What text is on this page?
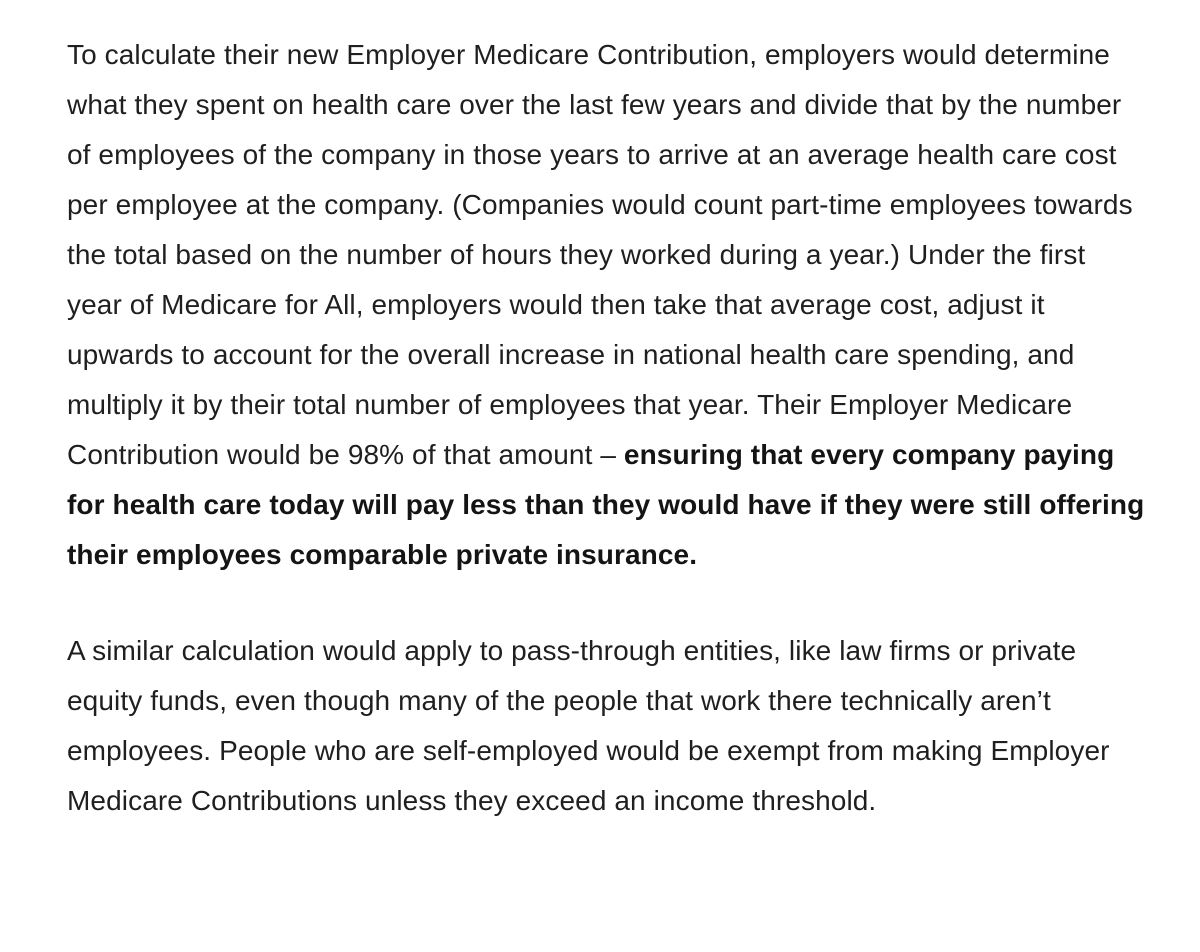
To calculate their new Employer Medicare Contribution, employers would determine what they spent on health care over the last few years and divide that by the number of employees of the company in those years to arrive at an average health care cost per employee at the company. (Companies would count part-time employees towards the total based on the number of hours they worked during a year.) Under the first year of Medicare for All, employers would then take that average cost, adjust it upwards to account for the overall increase in national health care spending, and multiply it by their total number of employees that year. Their Employer Medicare Contribution would be 98% of that amount – ensuring that every company paying for health care today will pay less than they would have if they were still offering their employees comparable private insurance.

A similar calculation would apply to pass-through entities, like law firms or private equity funds, even though many of the people that work there technically aren’t employees. People who are self-employed would be exempt from making Employer Medicare Contributions unless they exceed an income threshold.
